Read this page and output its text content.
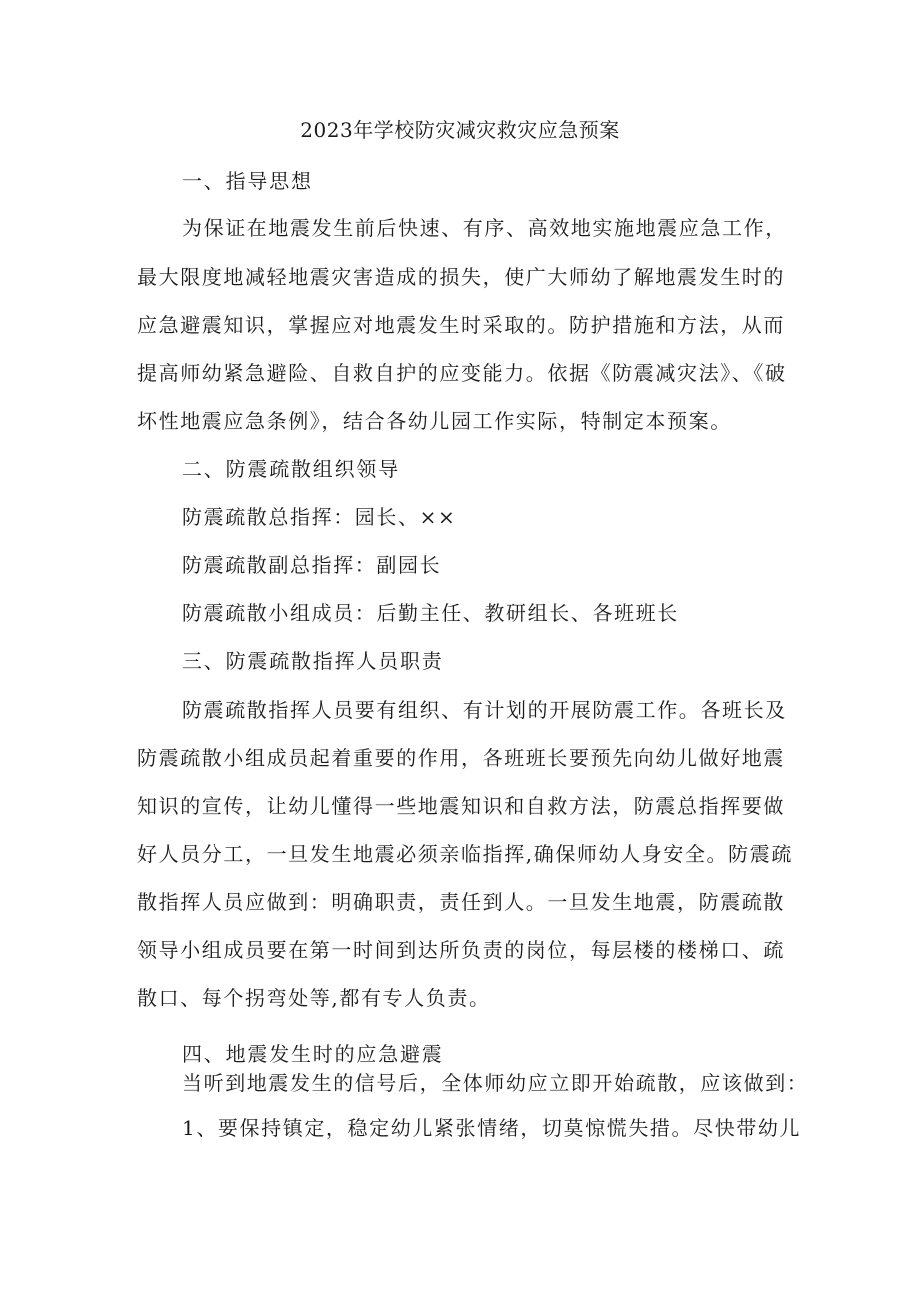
2023年学校防灾减灾救灾应急预案
一、指导思想
为保证在地震发生前后快速、有序、高效地实施地震应急工作，
最大限度地减轻地震灾害造成的损失，使广大师幼了解地震发生时的
应急避震知识，掌握应对地震发生时采取的。防护措施和方法，从而
提高师幼紧急避险、自救自护的应变能力。依据《防震减灾法》、《破
坏性地震应急条例》，结合各幼儿园工作实际，特制定本预案。
二、防震疏散组织领导
防震疏散总指挥：园长、××
防震疏散副总指挥：副园长
防震疏散小组成员：后勤主任、教研组长、各班班长
三、防震疏散指挥人员职责
防震疏散指挥人员要有组织、有计划的开展防震工作。各班长及
防震疏散小组成员起着重要的作用，各班班长要预先向幼儿做好地震
知识的宣传，让幼儿懂得一些地震知识和自救方法，防震总指挥要做
好人员分工，一旦发生地震必须亲临指挥,确保师幼人身安全。防震疏
散指挥人员应做到：明确职责，责任到人。一旦发生地震，防震疏散
领导小组成员要在第一时间到达所负责的岗位，每层楼的楼梯口、疏
散口、每个拐弯处等,都有专人负责。
四、地震发生时的应急避震
当听到地震发生的信号后，全体师幼应立即开始疏散，应该做到：
1、要保持镇定，稳定幼儿紧张情绪，切莫惊慌失措。尽快带幼儿
